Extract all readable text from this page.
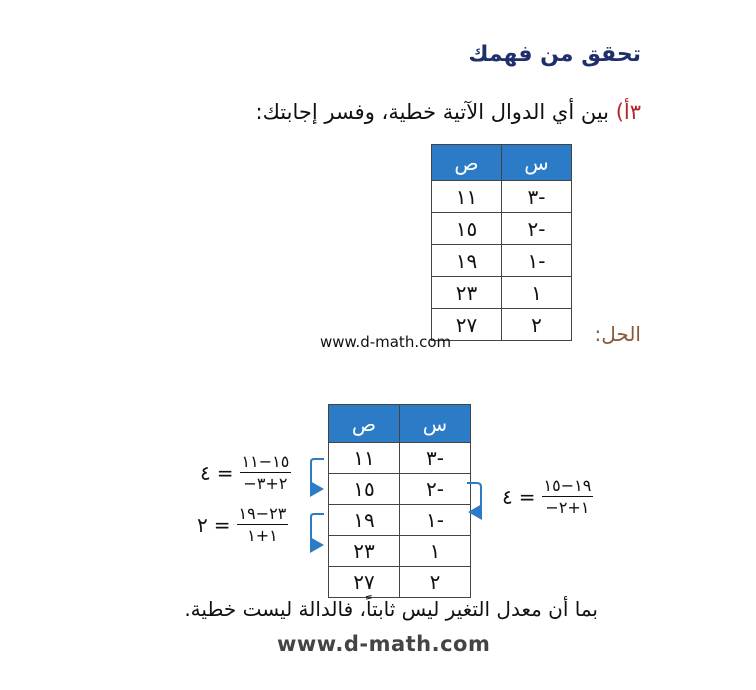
تحقق من فهمك
٣أ) بين أي الدوال الآتية خطية، وفسر إجابتك:
س	ص
-٣	١١
-٢	١٥
-١	١٩
١	٢٣
٢	٢٧	الحل:
www.d-math.com
س	ص
-٣	١١
-٢	١٥
-١	١٩
١	٢٣
٢	٢٧
٤ = $\frac{١٥-١١}{-٢+٣}$
٢ = $\frac{٢٣-١٩}{١+١}$
٤ = $\frac{١٩-١٥}{-١+٢}$
بما أن معدل التغير ليس ثابتاً، فالدالة ليست خطية.
www.d-math.com
